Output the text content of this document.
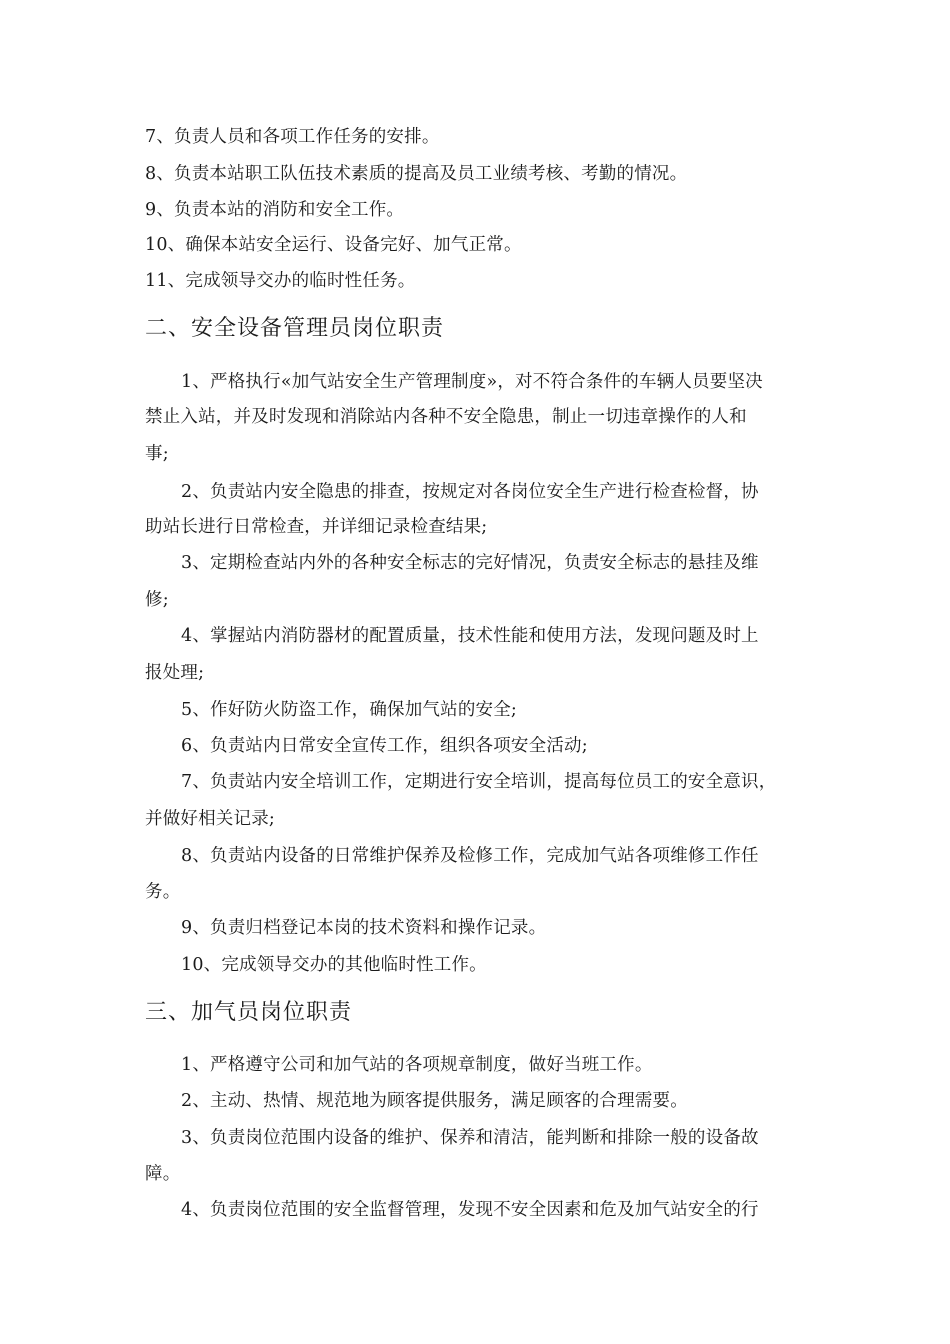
7、负责人员和各项工作任务的安排。
8、负责本站职工队伍技术素质的提高及员工业绩考核、考勤的情况。
9、负责本站的消防和安全工作。
10、确保本站安全运行、设备完好、加气正常。
11、完成领导交办的临时性任务。
二、安全设备管理员岗位职责
1、严格执行«加气站安全生产管理制度»，对不符合条件的车辆人员要坚决
禁止入站，并及时发现和消除站内各种不安全隐患，制止一切违章操作的人和
事;
2、负责站内安全隐患的排查，按规定对各岗位安全生产进行检查检督，协
助站长进行日常检查，并详细记录检查结果;
3、定期检查站内外的各种安全标志的完好情况，负责安全标志的悬挂及维
修;
4、掌握站内消防器材的配置质量，技术性能和使用方法，发现问题及时上
报处理;
5、作好防火防盗工作，确保加气站的安全;
6、负责站内日常安全宣传工作，组织各项安全活动;
7、负责站内安全培训工作，定期进行安全培训，提高每位员工的安全意识，
并做好相关记录;
8、负责站内设备的日常维护保养及检修工作，完成加气站各项维修工作任
务。
9、负责归档登记本岗的技术资料和操作记录。
10、完成领导交办的其他临时性工作。
三、加气员岗位职责
1、严格遵守公司和加气站的各项规章制度，做好当班工作。
2、主动、热情、规范地为顾客提供服务，满足顾客的合理需要。
3、负责岗位范围内设备的维护、保养和清洁，能判断和排除一般的设备故
障。
4、负责岗位范围的安全监督管理，发现不安全因素和危及加气站安全的行
